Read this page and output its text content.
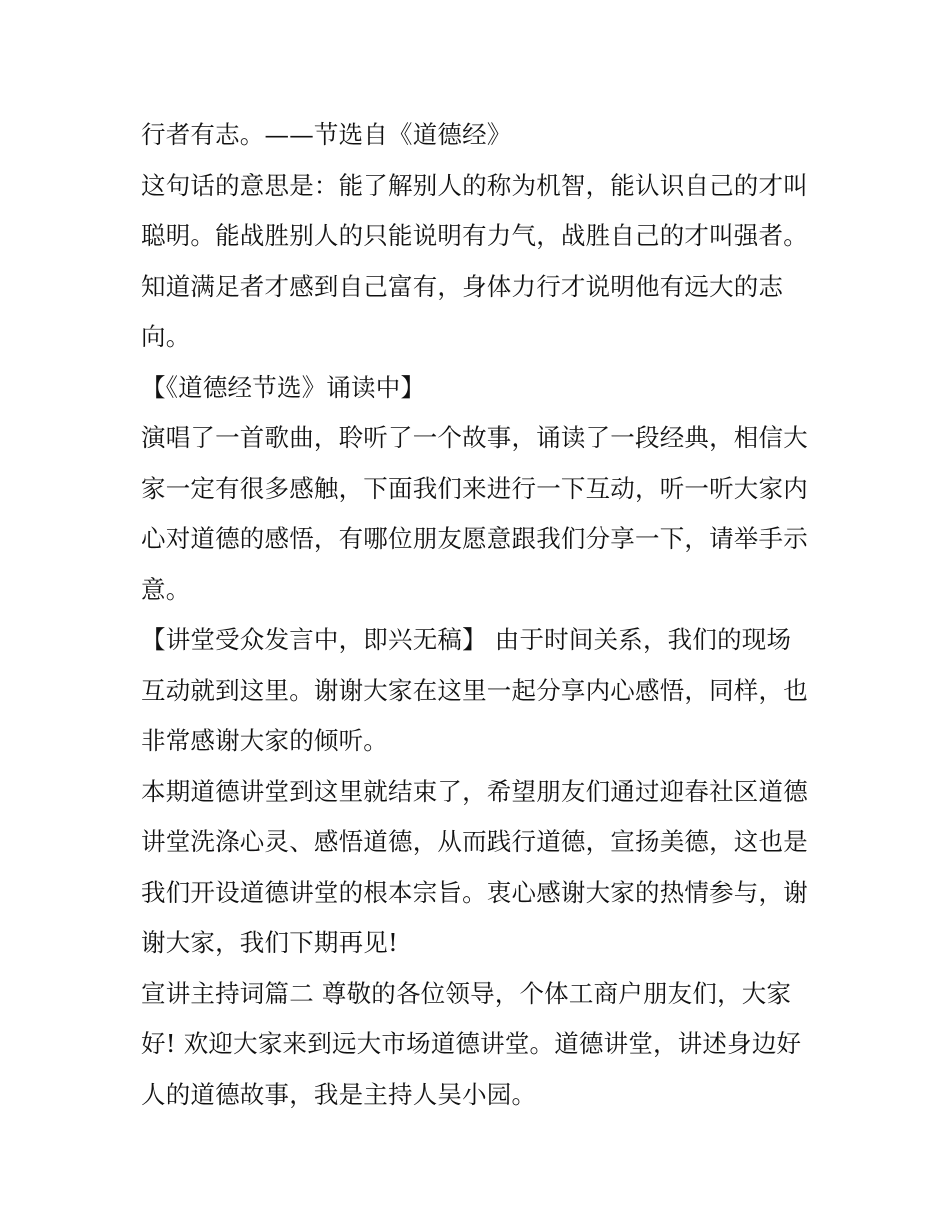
行者有志。——节选自《道德经》
这句话的意思是：能了解别人的称为机智，能认识自己的才叫
聪明。能战胜别人的只能说明有力气，战胜自己的才叫强者。
知道满足者才感到自己富有，身体力行才说明他有远大的志
向。
【《道德经节选》诵读中】
演唱了一首歌曲，聆听了一个故事，诵读了一段经典，相信大
家一定有很多感触，下面我们来进行一下互动，听一听大家内
心对道德的感悟，有哪位朋友愿意跟我们分享一下，请举手示
意。
【讲堂受众发言中，即兴无稿】 由于时间关系，我们的现场
互动就到这里。谢谢大家在这里一起分享内心感悟，同样，也
非常感谢大家的倾听。
本期道德讲堂到这里就结束了，希望朋友们通过迎春社区道德
讲堂洗涤心灵、感悟道德，从而践行道德，宣扬美德，这也是
我们开设道德讲堂的根本宗旨。衷心感谢大家的热情参与，谢
谢大家，我们下期再见!
宣讲主持词篇二 尊敬的各位领导，个体工商户朋友们，大家
好! 欢迎大家来到远大市场道德讲堂。道德讲堂，讲述身边好
人的道德故事，我是主持人吴小园。
